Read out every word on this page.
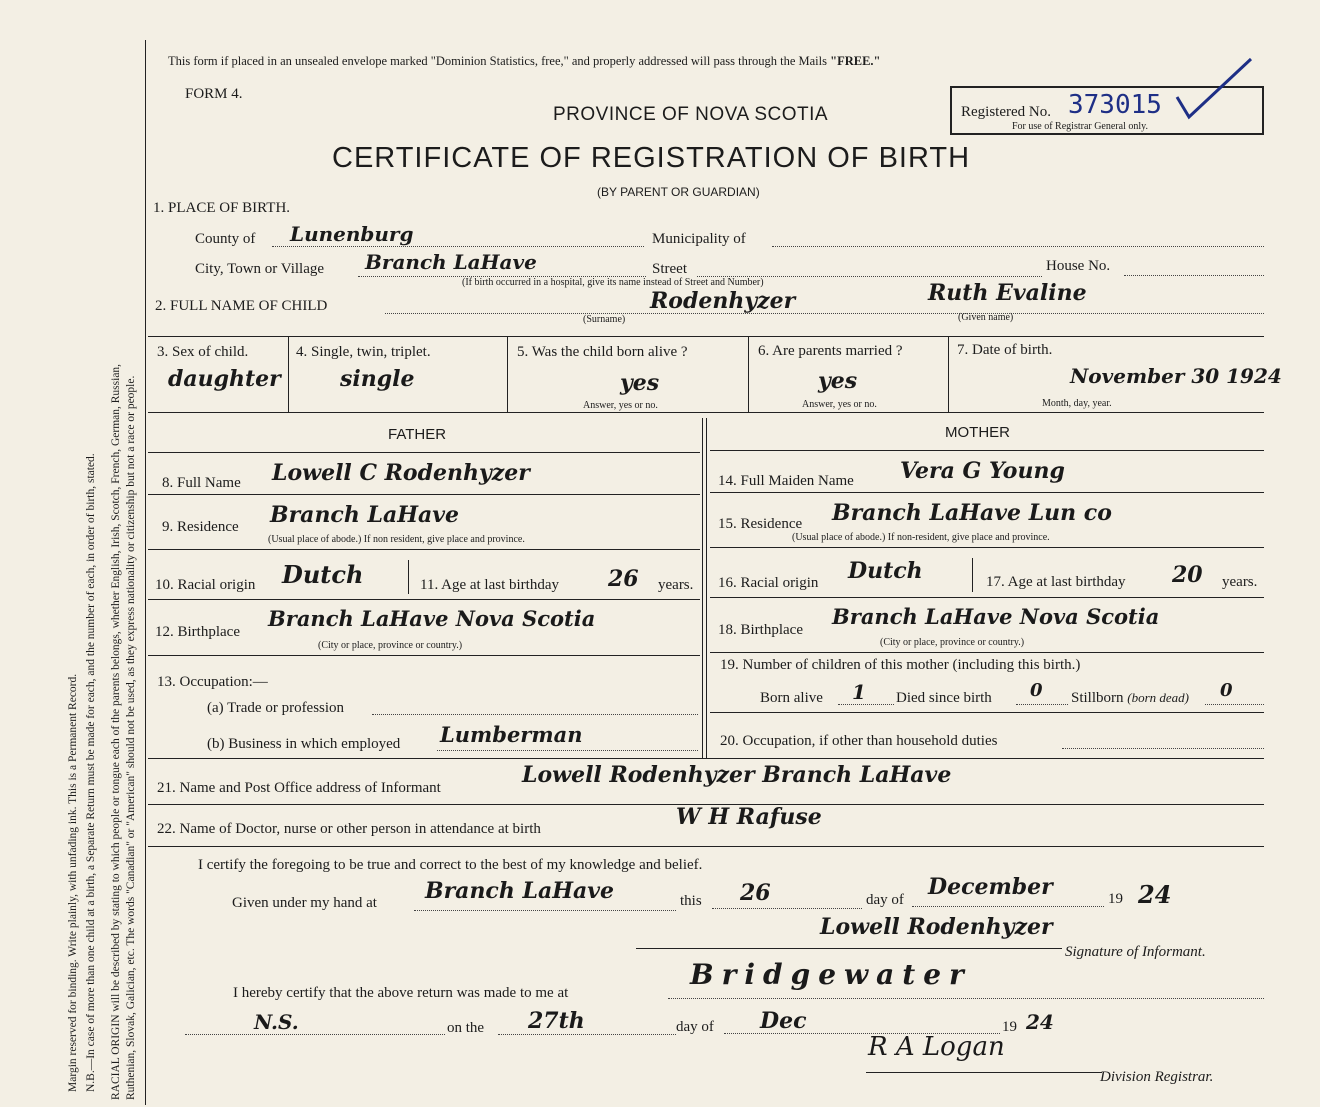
Margin reserved for binding. Write plainly, with unfading ink. This is a Permanent Record. N.B.—In case of more than one child at a birth, a Separate Return must be made for each, and the number of each, in order of birth, stated. RACIAL ORIGIN will be described by stating to which people or tongue each of the parents belongs, whether English, Irish, Scotch, French, German, Russian, Ruthenian, Slovak, Galician, etc. The words "Canadian" or "American" should not be used, as they express nationality or citizenship but not a race or people.
This form if placed in an unsealed envelope marked "Dominion Statistics, free," and properly addressed will pass through the Mails "FREE."
FORM 4.
PROVINCE OF NOVA SCOTIA
CERTIFICATE OF REGISTRATION OF BIRTH
(BY PARENT OR GUARDIAN)
Registered No. 373015
For use of Registrar General only.
1. PLACE OF BIRTH.
County of Lunenburg	Municipality of
City, Town or Village Branch LaHave	Street
(If birth occurred in a hospital, give its name instead of Street and Number)
House No.
2. FULL NAME OF CHILD
(Surname)
Rodenhyzer	Ruth Evaline
(Given name)
3. Sex of child.
daughter
4. Single, twin, triplet.
single
5. Was the child born alive ?
yes
Answer, yes or no.
6. Are parents married ?
yes
Answer, yes or no.
7. Date of birth.
November 30 1924
Month, day, year.
FATHER	MOTHER
8. Full Name Lowell C Rodenhyzer
9. Residence Branch LaHave
(Usual place of abode.) If non resident, give place and province.
10. Racial origin Dutch	11. Age at last birthday 26 years.
12. Birthplace
Branch LaHave Nova Scotia
(City or place, province or country.)
13. Occupation:—
(a) Trade or profession
(b) Business in which employed Lumberman
14. Full Maiden Name Vera G Young
15. Residence Branch LaHave Lun co
(Usual place of abode.) If non-resident, give place and province.
16. Racial origin Dutch	17. Age at last birthday 20 years.
18. Birthplace
Branch LaHave Nova Scotia
(City or place, province or country.)
19. Number of children of this mother (including this birth.)
Born alive 1 Died since birth 0 Stillborn (born dead) 0
20. Occupation, if other than household duties
21. Name and Post Office address of Informant	Lowell Rodenhyzer Branch LaHave
22. Name of Doctor, nurse or other person in attendance at birth	W H Rafuse
I certify the foregoing to be true and correct to the best of my knowledge and belief.
Given under my hand at Branch LaHave	this 26	day of December	19 24
Lowell Rodenhyzer
Signature of Informant.
I hereby certify that the above return was made to me at
Bridgewater
N.S.	on the 27th	day of Dec	19 24
R A Logan
Division Registrar.
